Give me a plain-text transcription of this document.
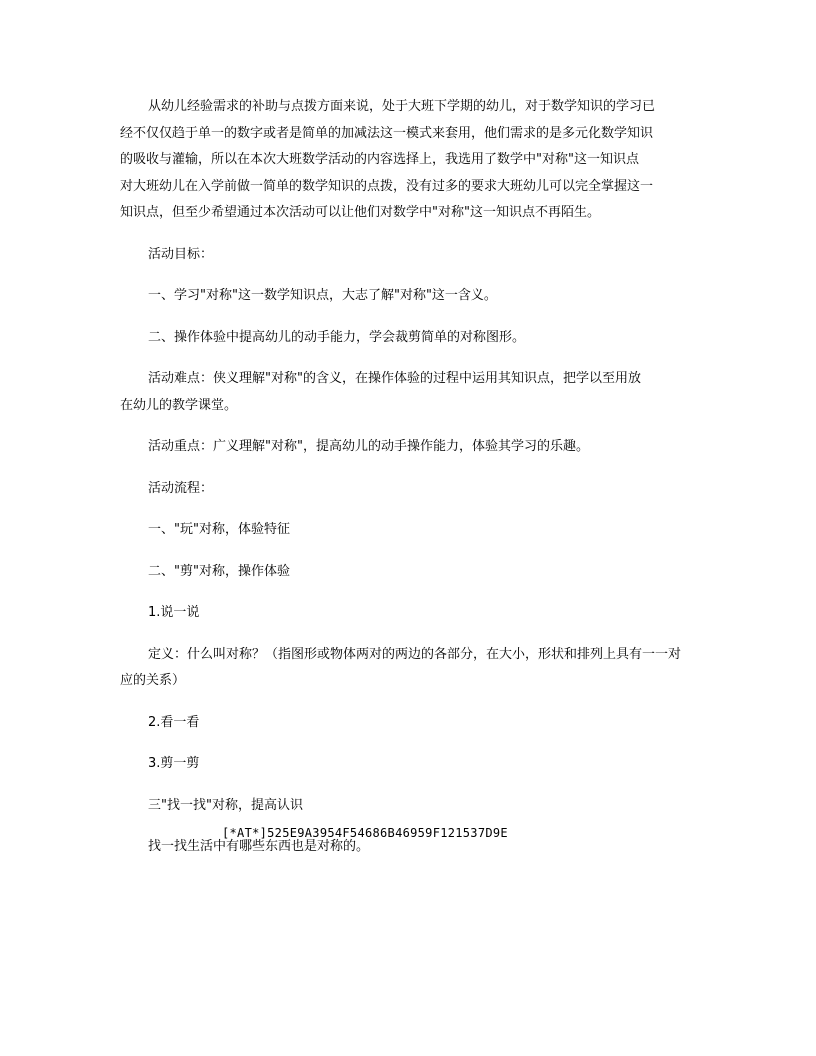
从幼儿经验需求的补助与点拨方面来说，处于大班下学期的幼儿，对于数学知识的学习已

经不仅仅趋于单一的数字或者是简单的加减法这一模式来套用，他们需求的是多元化数学知识

的吸收与灌输，所以在本次大班数学活动的内容选择上，我选用了数学中"对称"这一知识点

对大班幼儿在入学前做一简单的数学知识的点拨，没有过多的要求大班幼儿可以完全掌握这一

知识点，但至少希望通过本次活动可以让他们对数学中"对称"这一知识点不再陌生。

活动目标：

一、学习"对称"这一数学知识点，大志了解"对称"这一含义。

二、操作体验中提高幼儿的动手能力，学会裁剪简单的对称图形。

活动难点：侠义理解"对称"的含义，在操作体验的过程中运用其知识点，把学以至用放

在幼儿的教学课堂。

活动重点：广义理解"对称"，提高幼儿的动手操作能力，体验其学习的乐趣。

活动流程：

一、"玩"对称，体验特征

二、"剪"对称，操作体验

1.说一说

定义：什么叫对称？（指图形或物体两对的两边的各部分，在大小，形状和排列上具有一一对

应的关系）

2.看一看

3.剪一剪

三"找一找"对称，提高认识

找一找生活中有哪些东西也是对称的。

[*AT*]525E9A3954F54686B46959F121537D9E
